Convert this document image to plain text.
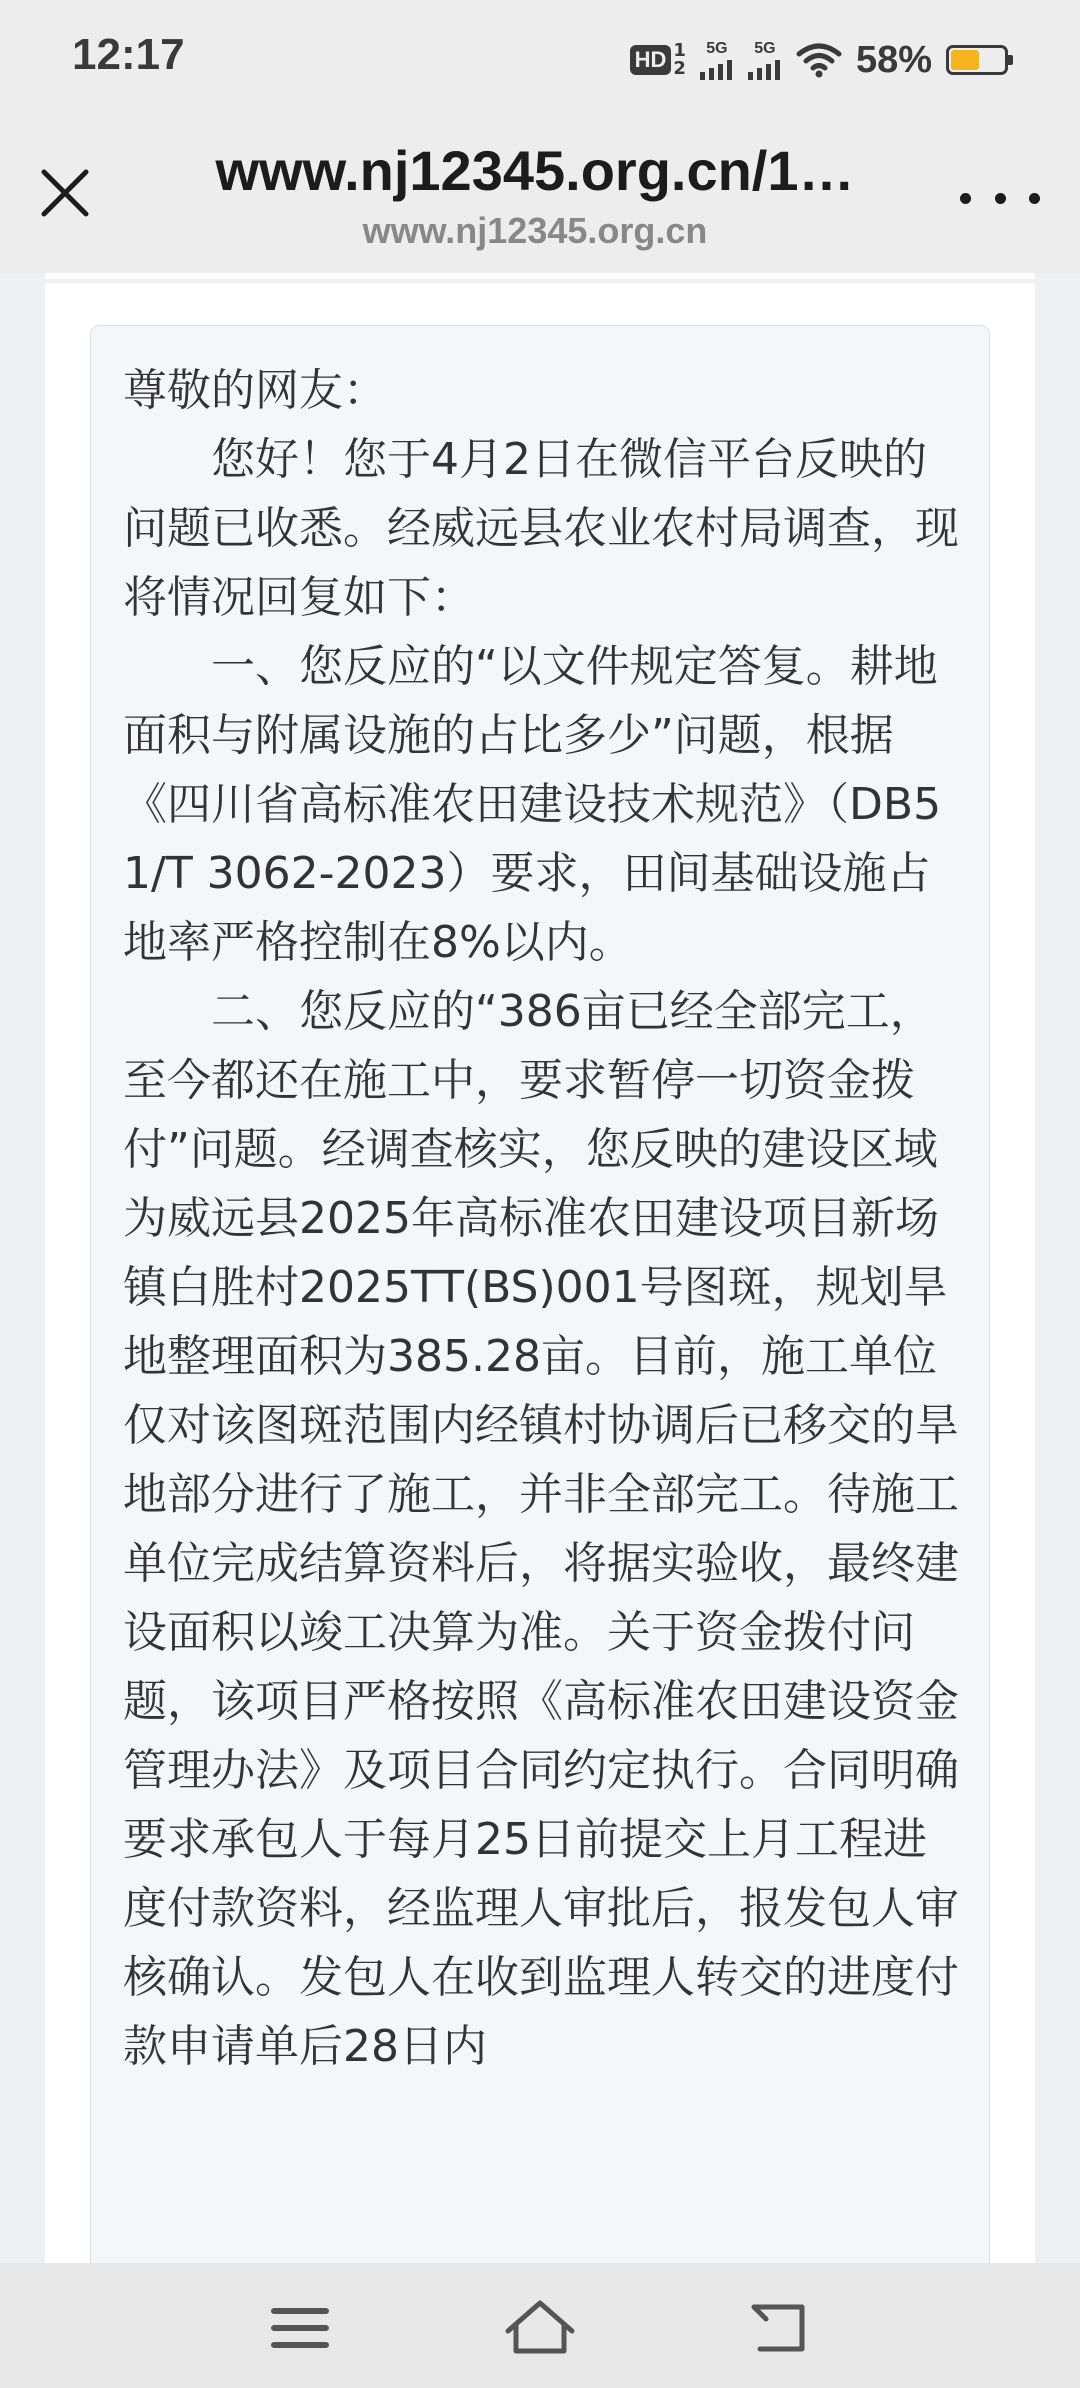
12:17	HD 1
2
5G 5G 58%
www.nj12345.org.cn/1…
www.nj12345.org.cn

尊敬的网友：
　　您好！您于4月2日在微信平台反映的问题已收悉。经威远县农业农村局调查，现将情况回复如下：
　　一、您反应的“以文件规定答复。耕地面积与附属设施的占比多少”问题，根据《四川省高标准农田建设技术规范》（DB51/T 3062-2023）要求，田间基础设施占地率严格控制在8%以内。
　　二、您反应的“386亩已经全部完工，至今都还在施工中，要求暂停一切资金拨付”问题。经调查核实，您反映的建设区域为威远县2025年高标准农田建设项目新场镇白胜村2025TT(BS)001号图斑，规划旱地整理面积为385.28亩。目前，施工单位仅对该图斑范围内经镇村协调后已移交的旱地部分进行了施工，并非全部完工。待施工单位完成结算资料后，将据实验收，最终建设面积以竣工决算为准。关于资金拨付问题，该项目严格按照《高标准农田建设资金管理办法》及项目合同约定执行。合同明确要求承包人于每月25日前提交上月工程进度付款资料，经监理人审批后，报发包人审核确认。发包人在收到监理人转交的进度付款申请单后28日内
